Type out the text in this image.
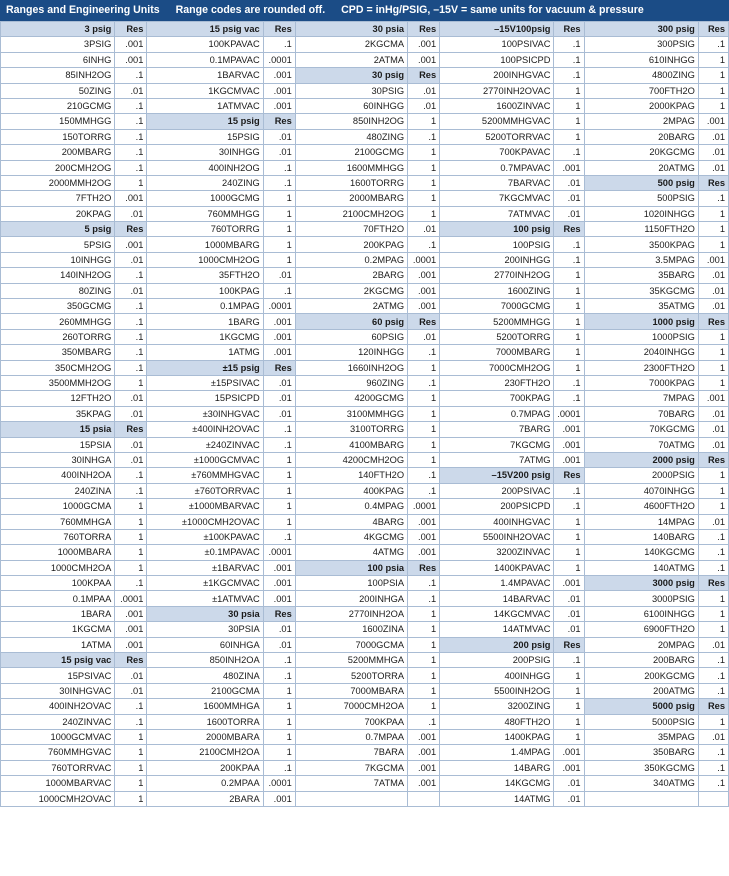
Ranges and Engineering Units Range codes are rounded off. CPD = inHg/PSIG, –15V = same units for vacuum & pressure
3 psig	Res	15 psig vac	Res	30 psia	Res	–15V100psig	Res	300 psig	Res
3PSIG	.001	100KPAVAC	.1	2KGCMA	.001	100PSIVAC	.1	300PSIG	.1
6INHG	.001	0.1MPAVAC	.0001	2ATMA	.001	100PSICPD	.1	610INHGG	1
85INH2OG	.1	1BARVAC	.001	30 psig	Res	200INHGVAC	.1	4800ZING	1
50ZING	.01	1KGCMVAC	.001	30PSIG	.01	2770INH2OVAC	1	700FTH2O	1
210GCMG	.1	1ATMVAC	.001	60INHGG	.01	1600ZINVAC	1	2000KPAG	1
150MMHGG	.1	15 psig	Res	850INH2OG	1	5200MMHGVAC	1	2MPAG	.001
150TORRG	.1	15PSIG	.01	480ZING	.1	5200TORRVAC	1	20BARG	.01
200MBARG	.1	30INHGG	.01	2100GCMG	1	700KPAVAC	.1	20KGCMG	.01
200CMH2OG	.1	400INH2OG	.1	1600MMHGG	1	0.7MPAVAC	.001	20ATMG	.01
2000MMH2OG	1	240ZING	.1	1600TORRG	1	7BARVAC	.01	500 psig	Res
7FTH2O	.001	1000GCMG	1	2000MBARG	1	7KGCMVAC	.01	500PSIG	.1
20KPAG	.01	760MMHGG	1	2100CMH2OG	1	7ATMVAC	.01	1020INHGG	1
5 psig	Res	760TORRG	1	70FTH2O	.01	100 psig	Res	1150FTH2O	1
5PSIG	.001	1000MBARG	1	200KPAG	.1	100PSIG	.1	3500KPAG	1
10INHGG	.01	1000CMH2OG	1	0.2MPAG	.0001	200INHGG	.1	3.5MPAG	.001
140INH2OG	.1	35FTH2O	.01	2BARG	.001	2770INH2OG	1	35BARG	.01
80ZING	.01	100KPAG	.1	2KGCMG	.001	1600ZING	1	35KGCMG	.01
350GCMG	.1	0.1MPAG	.0001	2ATMG	.001	7000GCMG	1	35ATMG	.01
260MMHGG	.1	1BARG	.001	60 psig	Res	5200MMHGG	1	1000 psig	Res
260TORRG	.1	1KGCMG	.001	60PSIG	.01	5200TORRG	1	1000PSIG	1
350MBARG	.1	1ATMG	.001	120INHGG	.1	7000MBARG	1	2040INHGG	1
350CMH2OG	.1	±15 psig	Res	1660INH2OG	1	7000CMH2OG	1	2300FTH2O	1
3500MMH2OG	1	±15PSIVAC	.01	960ZING	.1	230FTH2O	.1	7000KPAG	1
12FTH2O	.01	15PSICPD	.01	4200GCMG	1	700KPAG	.1	7MPAG	.001
35KPAG	.01	±30INHGVAC	.01	3100MMHGG	1	0.7MPAG	.0001	70BARG	.01
15 psia	Res	±400INH2OVAC	.1	3100TORRG	1	7BARG	.001	70KGCMG	.01
15PSIA	.01	±240ZINVAC	.1	4100MBARG	1	7KGCMG	.001	70ATMG	.01
30INHGA	.01	±1000GCMVAC	1	4200CMH2OG	1	7ATMG	.001	2000 psig	Res
400INH2OA	.1	±760MMHGVAC	1	140FTH2O	.1	–15V200 psig	Res	2000PSIG	1
240ZINA	.1	±760TORRVAC	1	400KPAG	.1	200PSIVAC	.1	4070INHGG	1
1000GCMA	1	±1000MBARVAC	1	0.4MPAG	.0001	200PSICPD	.1	4600FTH2O	1
760MMHGA	1	±1000CMH2OVAC	1	4BARG	.001	400INHGVAC	1	14MPAG	.01
760TORRA	1	±100KPAVAC	.1	4KGCMG	.001	5500INH2OVAC	1	140BARG	.1
1000MBARA	1	±0.1MPAVAC	.0001	4ATMG	.001	3200ZINVAC	1	140KGCMG	.1
1000CMH2OA	1	±1BARVAC	.001	100 psia	Res	1400KPAVAC	1	140ATMG	.1
100KPAA	.1	±1KGCMVAC	.001	100PSIA	.1	1.4MPAVAC	.001	3000 psig	Res
0.1MPAA	.0001	±1ATMVAC	.001	200INHGA	.1	14BARVAC	.01	3000PSIG	1
1BARA	.001	30 psia	Res	2770INH2OA	1	14KGCMVAC	.01	6100INHGG	1
1KGCMA	.001	30PSIA	.01	1600ZINA	1	14ATMVAC	.01	6900FTH2O	1
1ATMA	.001	60INHGA	.01	7000GCMA	1	200 psig	Res	20MPAG	.01
15 psig vac	Res	850INH2OA	.1	5200MMHGA	1	200PSIG	.1	200BARG	.1
15PSIVAC	.01	480ZINA	.1	5200TORRA	1	400INHGG	1	200KGCMG	.1
30INHGVAC	.01	2100GCMA	1	7000MBARA	1	5500INH2OG	1	200ATMG	.1
400INH2OVAC	.1	1600MMHGA	1	7000CMH2OA	1	3200ZING	1	5000 psig	Res
240ZINVAC	.1	1600TORRA	1	700KPAA	.1	480FTH2O	1	5000PSIG	1
1000GCMVAC	1	2000MBARA	1	0.7MPAA	.001	1400KPAG	1	35MPAG	.01
760MMHGVAC	1	2100CMH2OA	1	7BARA	.001	1.4MPAG	.001	350BARG	.1
760TORRVAC	1	200KPAA	.1	7KGCMA	.001	14BARG	.001	350KGCMG	.1
1000MBARVAC	1	0.2MPAA	.0001	7ATMA	.001	14KGCMG	.01	340ATMG	.1
1000CMH2OVAC	1	2BARA	.001			14ATMG	.01		
